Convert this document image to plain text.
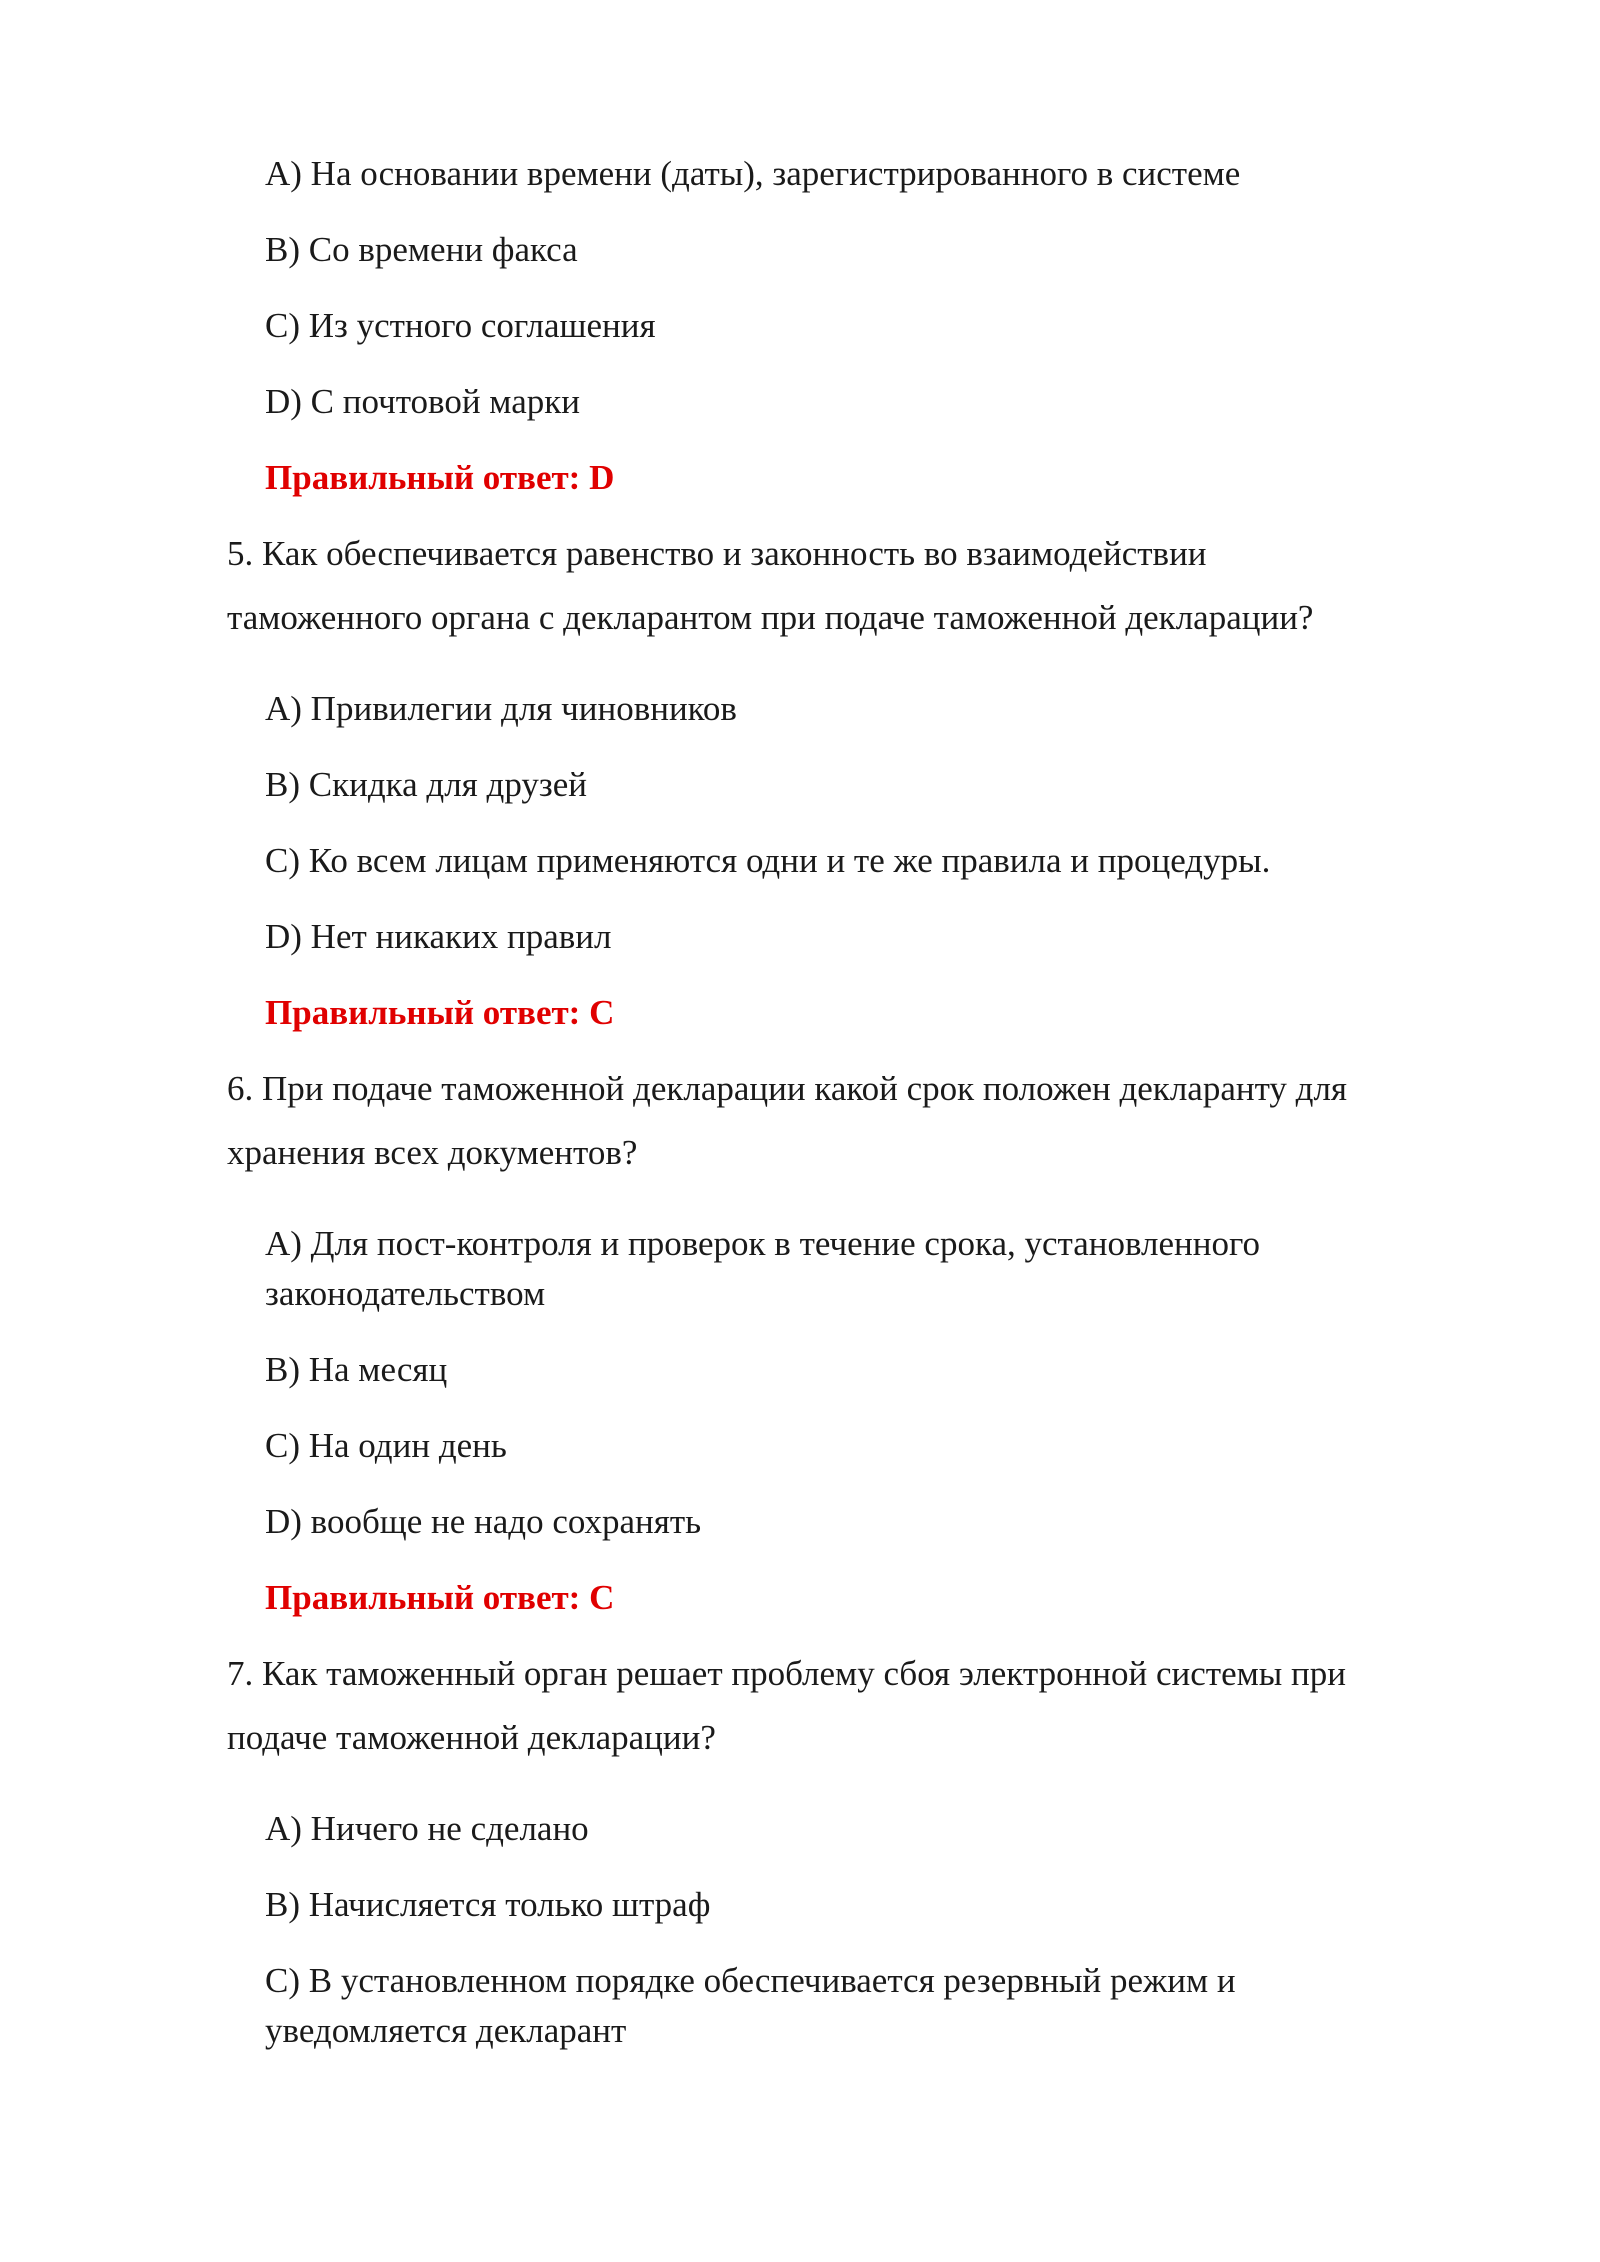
A) На основании времени (даты), зарегистрированного в системе

B) Со времени факса

C) Из устного соглашения

D) С почтовой марки

Правильный ответ: D

5. Как обеспечивается равенство и законность во взаимодействии

таможенного органа с декларантом при подаче таможенной декларации?

A) Привилегии для чиновников

B) Скидка для друзей

C) Ко всем лицам применяются одни и те же правила и процедуры.

D) Нет никаких правил

Правильный ответ: C

6. При подаче таможенной декларации какой срок положен декларанту для

хранения всех документов?

A) Для пост-контроля и проверок в течение срока, установленного

законодательством

B) На месяц

C) На один день

D) вообще не надо сохранять

Правильный ответ: C

7. Как таможенный орган решает проблему сбоя электронной системы при

подаче таможенной декларации?

A) Ничего не сделано

B) Начисляется только штраф

C) В установленном порядке обеспечивается резервный режим и

уведомляется декларант
